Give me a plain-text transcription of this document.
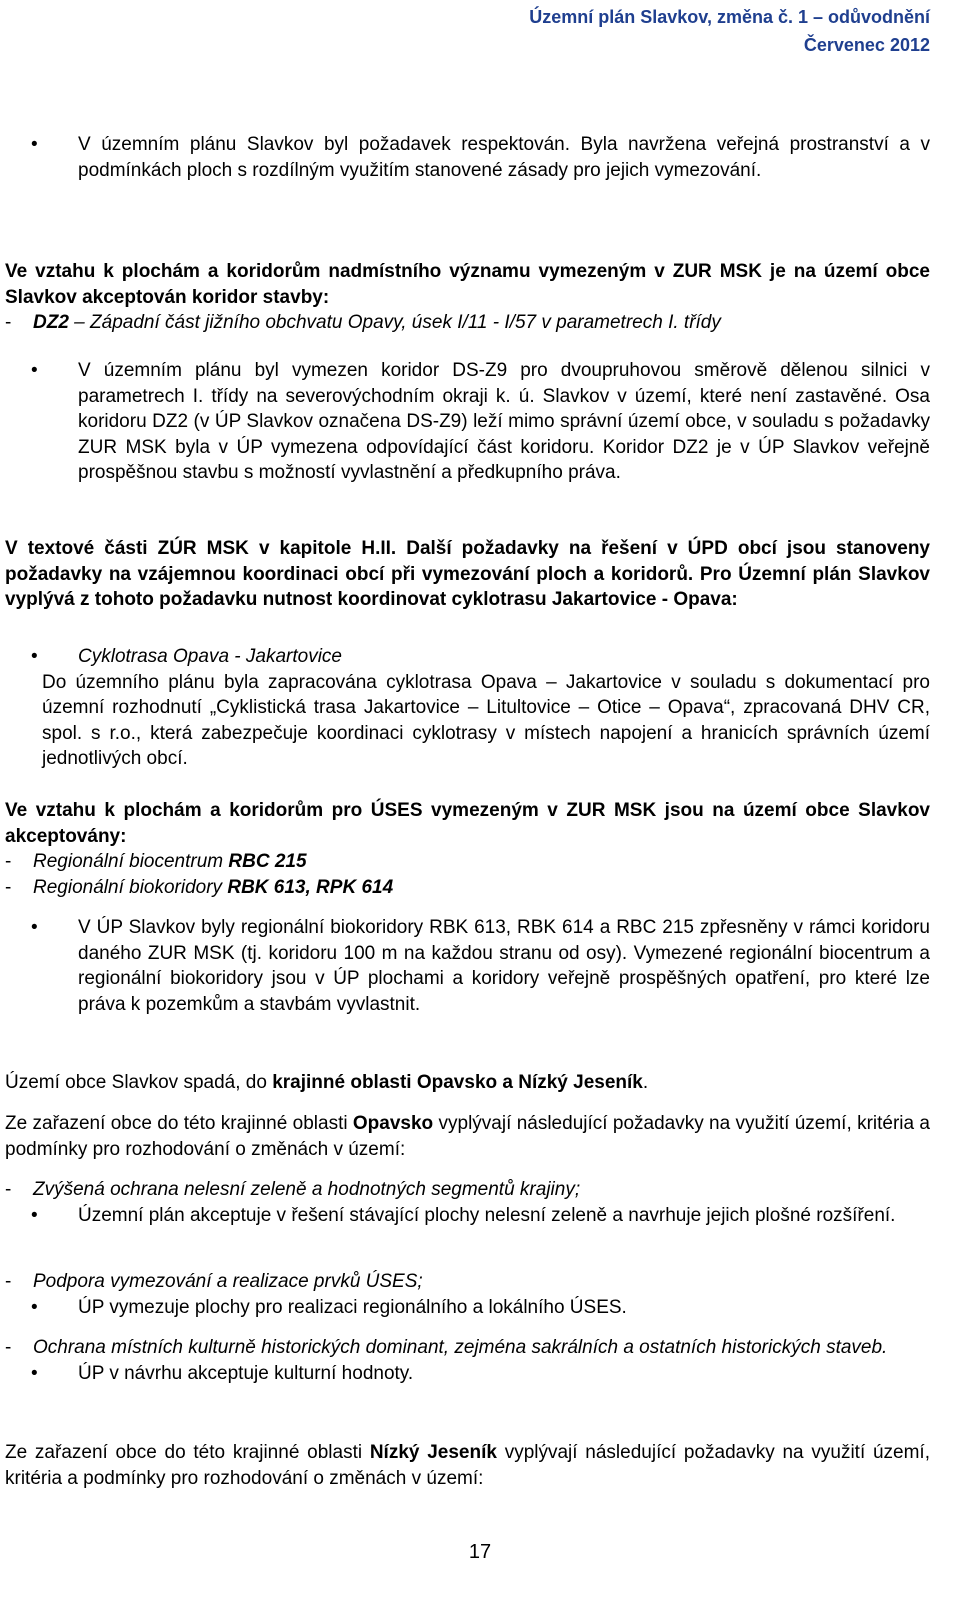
Územní plán Slavkov, změna č. 1 – odůvodnění
Červenec 2012

• V územním plánu Slavkov byl požadavek respektován. Byla navržena veřejná prostranství a v podmínkách ploch s rozdílným využitím stanovené zásady pro jejich vymezování.

Ve vztahu k plochám a koridorům nadmístního významu vymezeným v ZUR MSK je na území obce Slavkov akceptován koridor stavby:

- DZ2 – Západní část jižního obchvatu Opavy, úsek I/11 - I/57 v parametrech I. třídy

• V územním plánu byl vymezen koridor DS-Z9 pro dvoupruhovou směrově dělenou silnici v parametrech I. třídy na severovýchodním okraji k. ú. Slavkov v území, které není zastavěné. Osa koridoru DZ2 (v ÚP Slavkov označena DS-Z9) leží mimo správní území obce, v souladu s požadavky ZUR MSK byla v ÚP vymezena odpovídající část koridoru. Koridor DZ2 je v ÚP Slavkov veřejně prospěšnou stavbu s možností vyvlastnění a předkupního práva.

V textové části ZÚR MSK v kapitole H.II. Další požadavky na řešení v ÚPD obcí jsou stanoveny požadavky na vzájemnou koordinaci obcí při vymezování ploch a koridorů. Pro Územní plán Slavkov vyplývá z tohoto požadavku nutnost koordinovat cyklotrasu Jakartovice - Opava:

• Cyklotrasa Opava - Jakartovice

Do územního plánu byla zapracována cyklotrasa Opava – Jakartovice v souladu s dokumentací pro územní rozhodnutí „Cyklistická trasa Jakartovice – Litultovice – Otice – Opava“, zpracovaná DHV CR, spol. s r.o., která zabezpečuje koordinaci cyklotrasy v místech napojení a hranicích správních území jednotlivých obcí.

Ve vztahu k plochám a koridorům pro ÚSES vymezeným v ZUR MSK jsou na území obce Slavkov akceptovány:

- Regionální biocentrum RBC 215

- Regionální biokoridory RBK 613, RPK 614

• V ÚP Slavkov byly regionální biokoridory RBK 613, RBK 614 a RBC 215 zpřesněny v rámci koridoru daného ZUR MSK (tj. koridoru 100 m na každou stranu od osy). Vymezené regionální biocentrum a regionální biokoridory jsou v ÚP plochami a koridory veřejně prospěšných opatření, pro které lze práva k pozemkům a stavbám vyvlastnit.

Území obce Slavkov spadá, do krajinné oblasti Opavsko a Nízký Jeseník.

Ze zařazení obce do této krajinné oblasti Opavsko vyplývají následující požadavky na využití území, kritéria a podmínky pro rozhodování o změnách v území:

- Zvýšená ochrana nelesní zeleně a hodnotných segmentů krajiny;

• Územní plán akceptuje v řešení stávající plochy nelesní zeleně a navrhuje jejich plošné rozšíření.

- Podpora vymezování a realizace prvků ÚSES;

• ÚP vymezuje plochy pro realizaci regionálního a lokálního ÚSES.

- Ochrana místních kulturně historických dominant, zejména sakrálních a ostatních historických staveb.

• ÚP v návrhu akceptuje kulturní hodnoty.

Ze zařazení obce do této krajinné oblasti Nízký Jeseník vyplývají následující požadavky na využití území, kritéria a podmínky pro rozhodování o změnách v území:

17
